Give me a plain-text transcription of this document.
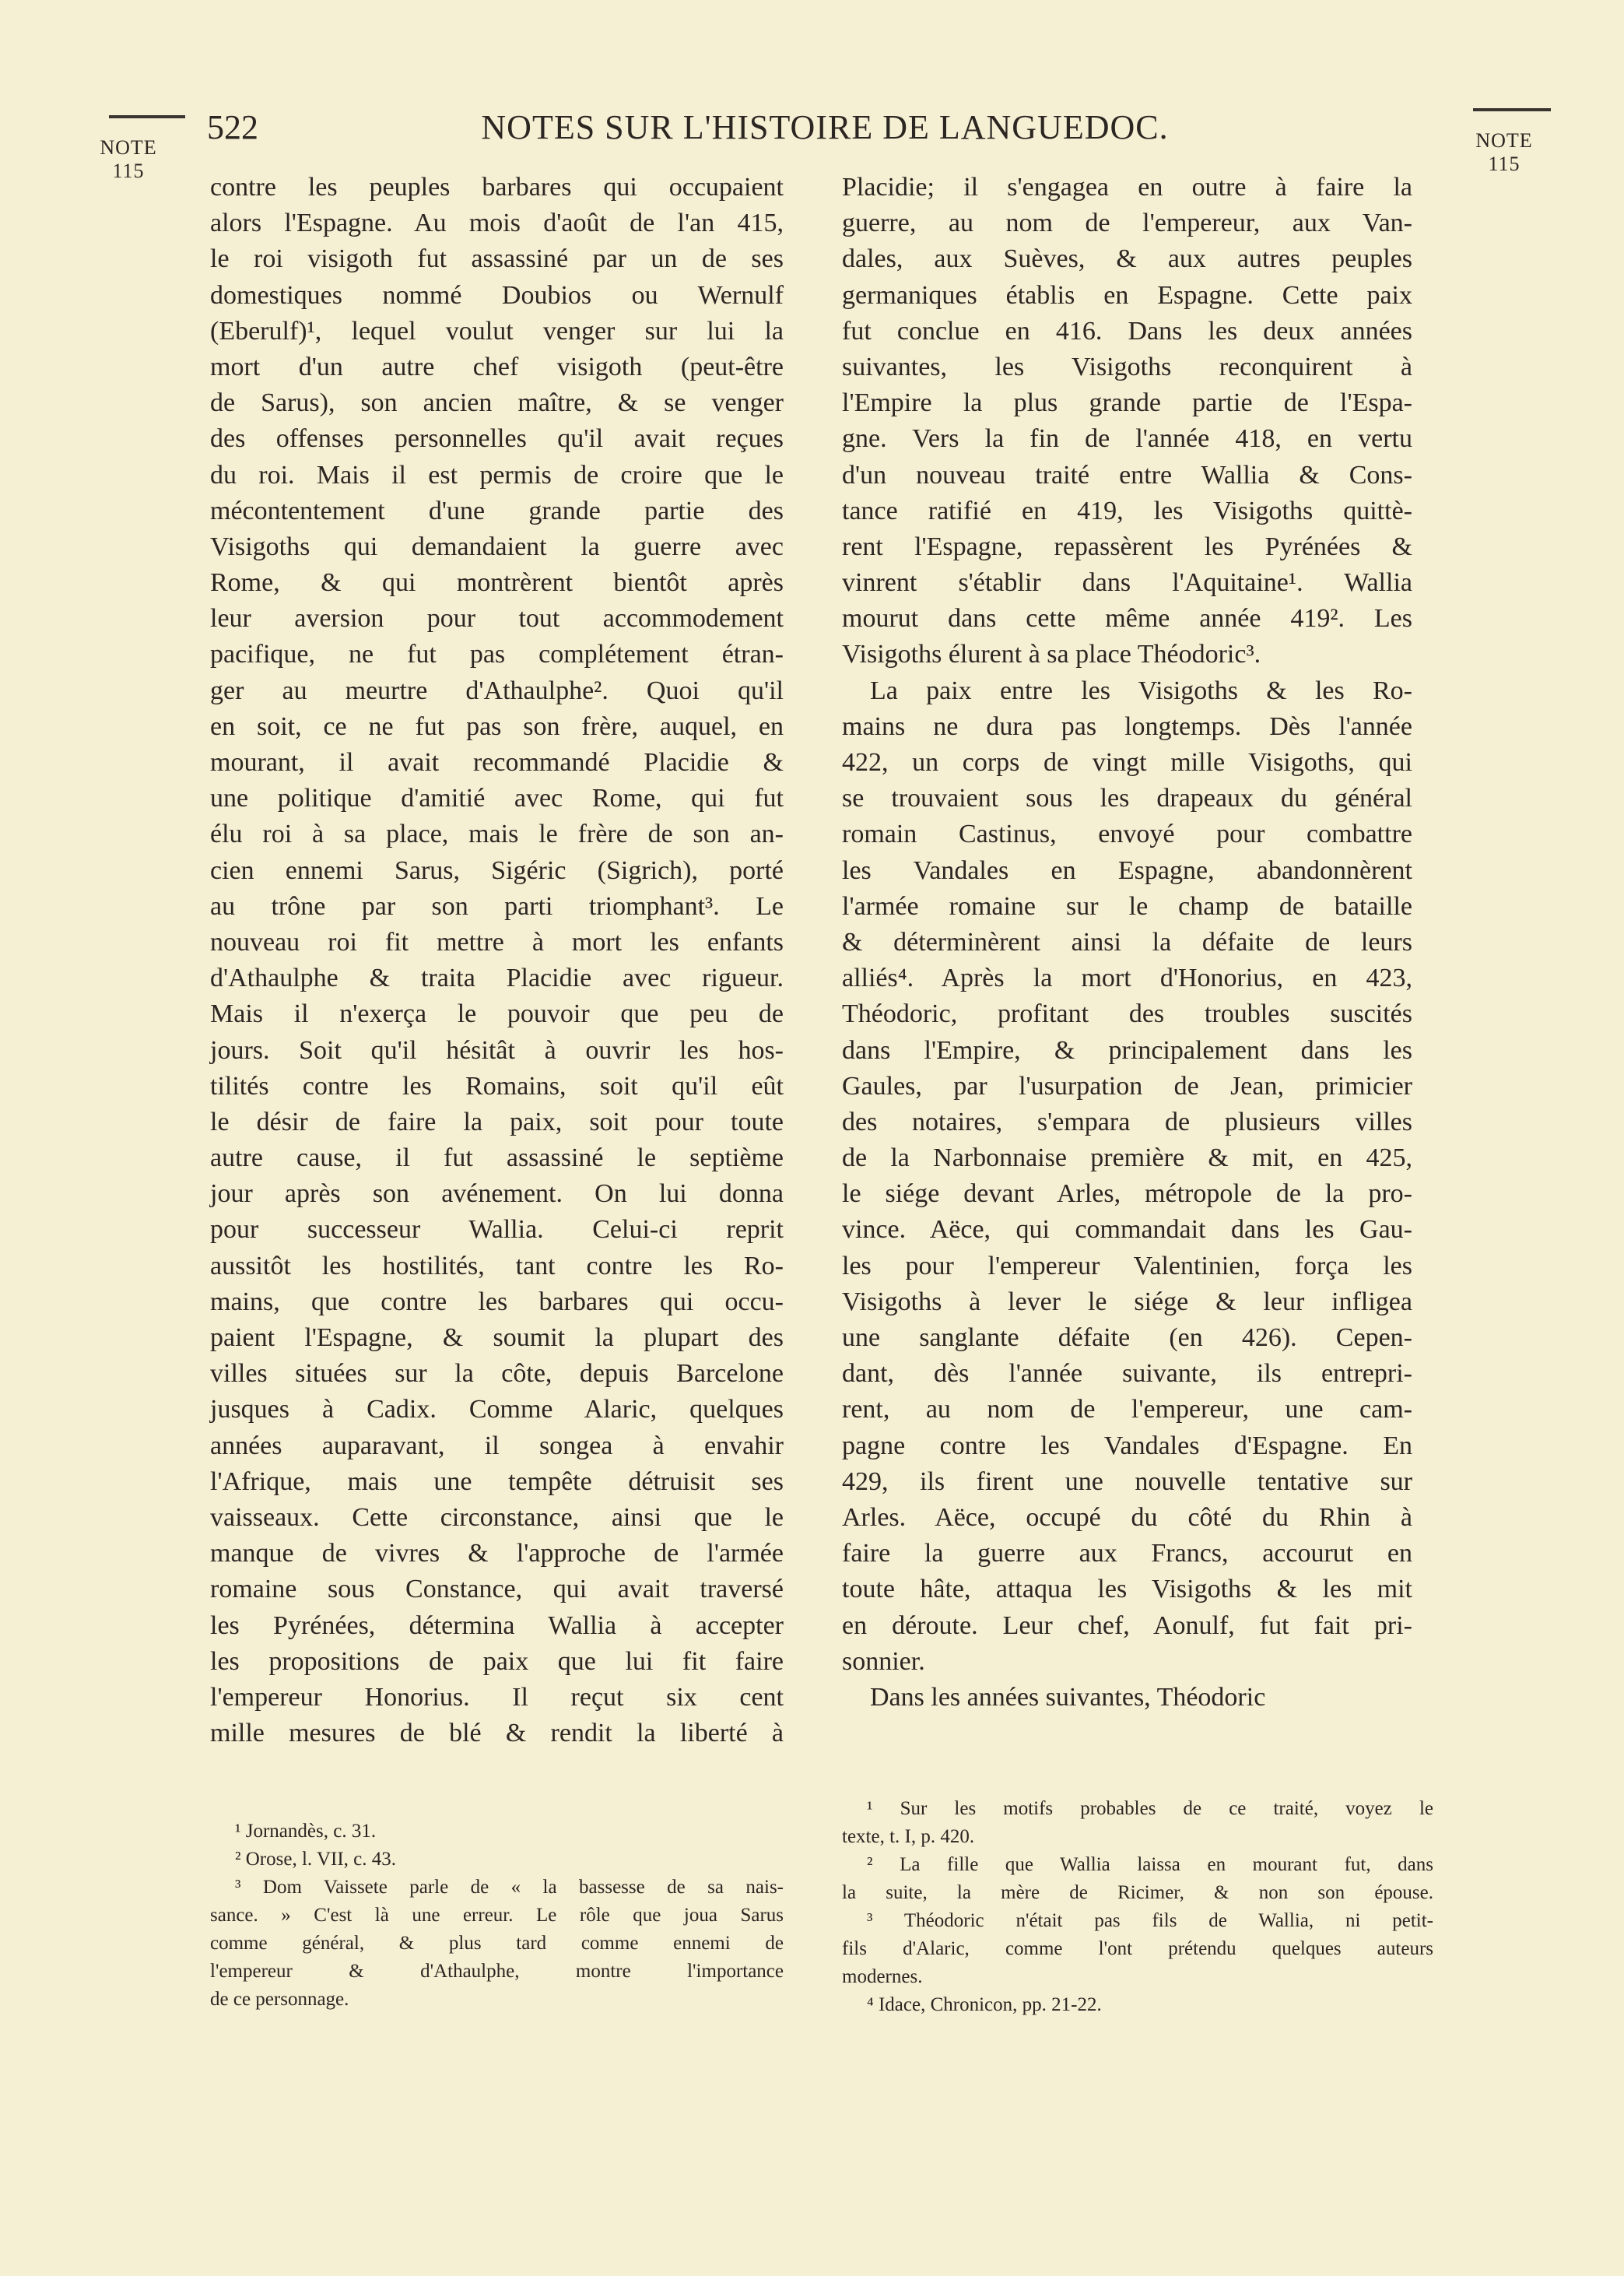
NOTE
115
NOTE
115
522	NOTES SUR L'HISTOIRE DE LANGUEDOC.
contre les peuples barbares qui occupaient
alors l'Espagne. Au mois d'août de l'an 415,
le roi visigoth fut assassiné par un de ses
domestiques nommé Doubios ou Wernulf
(Eberulf)¹, lequel voulut venger sur lui la
mort d'un autre chef visigoth (peut-être
de Sarus), son ancien maître, & se venger
des offenses personnelles qu'il avait reçues
du roi. Mais il est permis de croire que le
mécontentement d'une grande partie des
Visigoths qui demandaient la guerre avec
Rome, & qui montrèrent bientôt après
leur aversion pour tout accommodement
pacifique, ne fut pas complétement étran-
ger au meurtre d'Athaulphe². Quoi qu'il
en soit, ce ne fut pas son frère, auquel, en
mourant, il avait recommandé Placidie &
une politique d'amitié avec Rome, qui fut
élu roi à sa place, mais le frère de son an-
cien ennemi Sarus, Sigéric (Sigrich), porté
au trône par son parti triomphant³. Le
nouveau roi fit mettre à mort les enfants
d'Athaulphe & traita Placidie avec rigueur.
Mais il n'exerça le pouvoir que peu de
jours. Soit qu'il hésitât à ouvrir les hos-
tilités contre les Romains, soit qu'il eût
le désir de faire la paix, soit pour toute
autre cause, il fut assassiné le septième
jour après son avénement. On lui donna
pour successeur Wallia. Celui-ci reprit
aussitôt les hostilités, tant contre les Ro-
mains, que contre les barbares qui occu-
paient l'Espagne, & soumit la plupart des
villes situées sur la côte, depuis Barcelone
jusques à Cadix. Comme Alaric, quelques
années auparavant, il songea à envahir
l'Afrique, mais une tempête détruisit ses
vaisseaux. Cette circonstance, ainsi que le
manque de vivres & l'approche de l'armée
romaine sous Constance, qui avait traversé
les Pyrénées, détermina Wallia à accepter
les propositions de paix que lui fit faire
l'empereur Honorius. Il reçut six cent
mille mesures de blé & rendit la liberté à
Placidie; il s'engagea en outre à faire la
guerre, au nom de l'empereur, aux Van-
dales, aux Suèves, & aux autres peuples
germaniques établis en Espagne. Cette paix
fut conclue en 416. Dans les deux années
suivantes, les Visigoths reconquirent à
l'Empire la plus grande partie de l'Espa-
gne. Vers la fin de l'année 418, en vertu
d'un nouveau traité entre Wallia & Cons-
tance ratifié en 419, les Visigoths quittè-
rent l'Espagne, repassèrent les Pyrénées &
vinrent s'établir dans l'Aquitaine¹. Wallia
mourut dans cette même année 419². Les
Visigoths élurent à sa place Théodoric³.
La paix entre les Visigoths & les Ro-
mains ne dura pas longtemps. Dès l'année
422, un corps de vingt mille Visigoths, qui
se trouvaient sous les drapeaux du général
romain Castinus, envoyé pour combattre
les Vandales en Espagne, abandonnèrent
l'armée romaine sur le champ de bataille
& déterminèrent ainsi la défaite de leurs
alliés⁴. Après la mort d'Honorius, en 423,
Théodoric, profitant des troubles suscités
dans l'Empire, & principalement dans les
Gaules, par l'usurpation de Jean, primicier
des notaires, s'empara de plusieurs villes
de la Narbonnaise première & mit, en 425,
le siége devant Arles, métropole de la pro-
vince. Aëce, qui commandait dans les Gau-
les pour l'empereur Valentinien, força les
Visigoths à lever le siége & leur infligea
une sanglante défaite (en 426). Cepen-
dant, dès l'année suivante, ils entrepri-
rent, au nom de l'empereur, une cam-
pagne contre les Vandales d'Espagne. En
429, ils firent une nouvelle tentative sur
Arles. Aëce, occupé du côté du Rhin à
faire la guerre aux Francs, accourut en
toute hâte, attaqua les Visigoths & les mit
en déroute. Leur chef, Aonulf, fut fait pri-
sonnier.
Dans les années suivantes, Théodoric
¹ Jornandès, c. 31.
² Orose, l. VII, c. 43.
³ Dom Vaissete parle de « la bassesse de sa nais-
sance. » C'est là une erreur. Le rôle que joua Sarus
comme général, & plus tard comme ennemi de
l'empereur & d'Athaulphe, montre l'importance
de ce personnage.
¹ Sur les motifs probables de ce traité, voyez le
texte, t. I, p. 420.
² La fille que Wallia laissa en mourant fut, dans
la suite, la mère de Ricimer, & non son épouse.
³ Théodoric n'était pas fils de Wallia, ni petit-
fils d'Alaric, comme l'ont prétendu quelques auteurs
modernes.
⁴ Idace, Chronicon, pp. 21-22.
